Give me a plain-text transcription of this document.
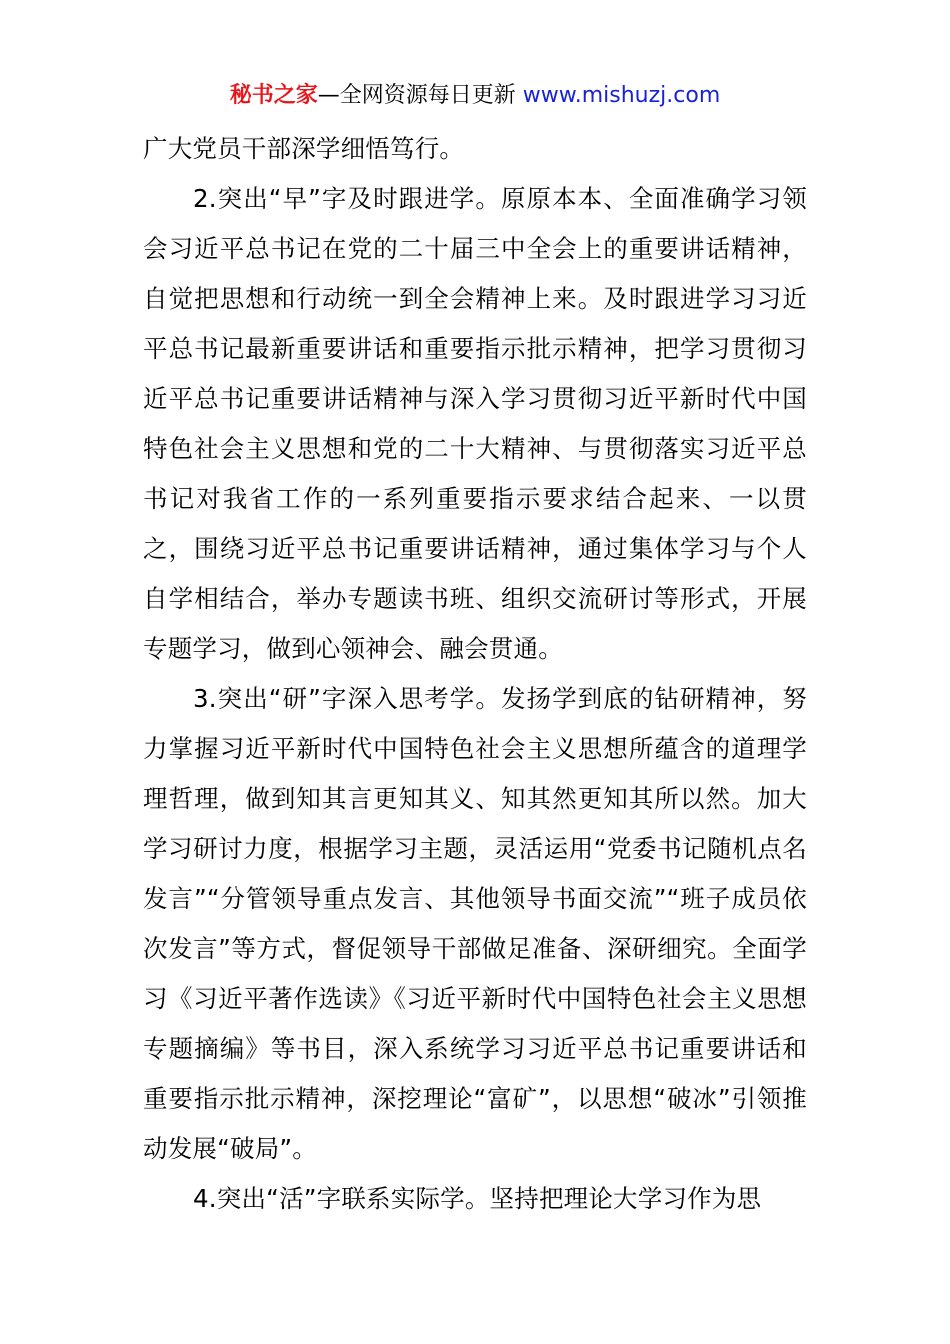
秘书之家—全网资源每日更新 www.mishuzj.com

广大党员干部深学细悟笃行。

2.突出“早”字及时跟进学。原原本本、全面准确学习领会习近平总书记在党的二十届三中全会上的重要讲话精神，自觉把思想和行动统一到全会精神上来。及时跟进学习习近平总书记最新重要讲话和重要指示批示精神，把学习贯彻习近平总书记重要讲话精神与深入学习贯彻习近平新时代中国特色社会主义思想和党的二十大精神、与贯彻落实习近平总书记对我省工作的一系列重要指示要求结合起来、一以贯之，围绕习近平总书记重要讲话精神，通过集体学习与个人自学相结合，举办专题读书班、组织交流研讨等形式，开展专题学习，做到心领神会、融会贯通。

3.突出“研”字深入思考学。发扬学到底的钻研精神，努力掌握习近平新时代中国特色社会主义思想所蕴含的道理学理哲理，做到知其言更知其义、知其然更知其所以然。加大学习研讨力度，根据学习主题，灵活运用“党委书记随机点名发言”“分管领导重点发言、其他领导书面交流”“班子成员依次发言”等方式，督促领导干部做足准备、深研细究。全面学习《习近平著作选读》《习近平新时代中国特色社会主义思想专题摘编》等书目，深入系统学习习近平总书记重要讲话和重要指示批示精神，深挖理论“富矿”，以思想“破冰”引领推动发展“破局”。

4.突出“活”字联系实际学。坚持把理论大学习作为思
